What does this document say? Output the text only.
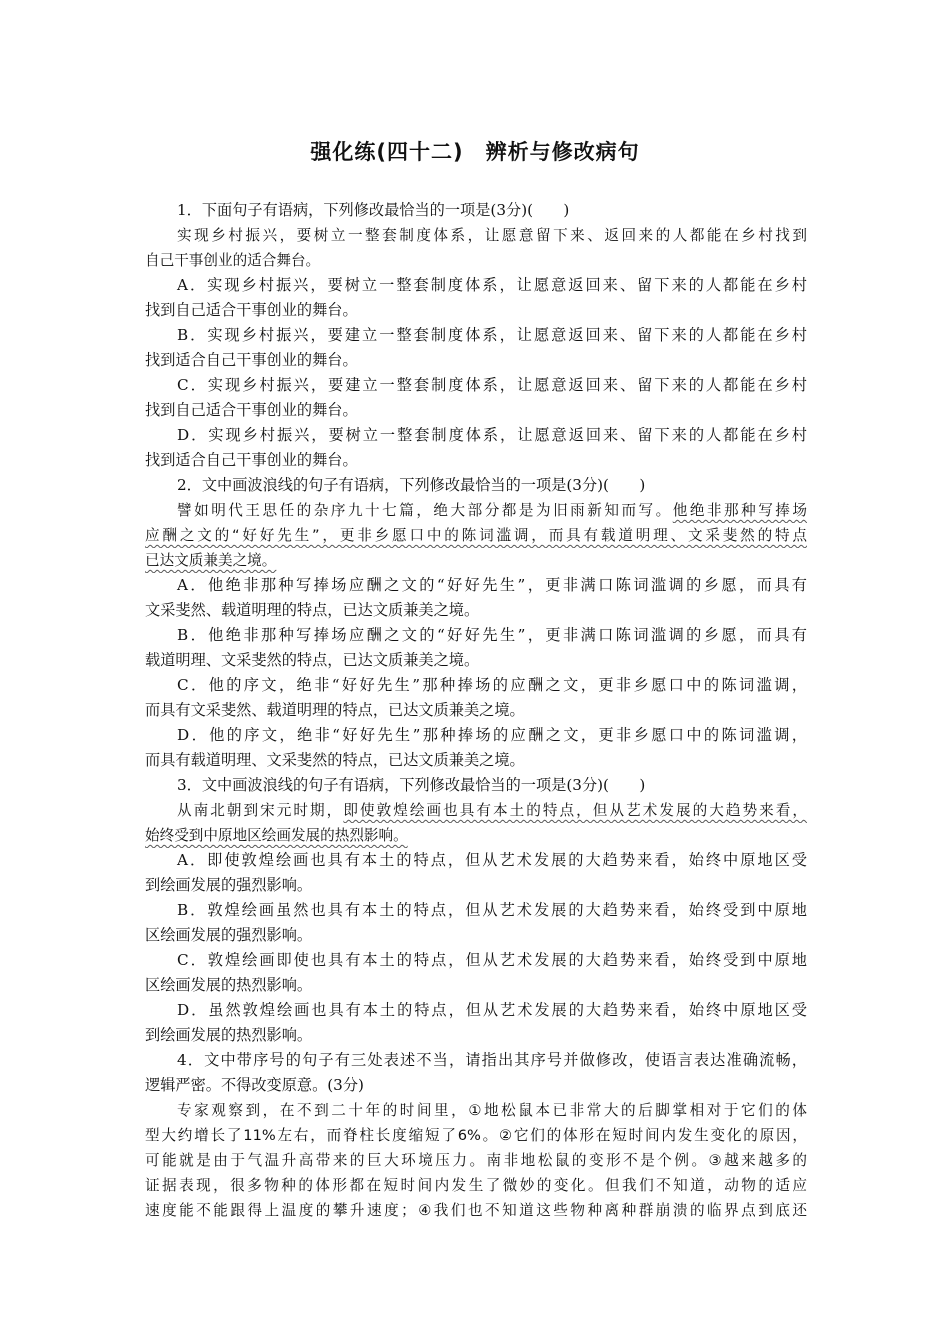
强化练(四十二)　辨析与修改病句
1．下面句子有语病，下列修改最恰当的一项是(3分)(　　)
实现乡村振兴，要树立一整套制度体系，让愿意留下来、返回来的人都能在乡村找到
自己干事创业的适合舞台。
A．实现乡村振兴，要树立一整套制度体系，让愿意返回来、留下来的人都能在乡村
找到自己适合干事创业的舞台。
B．实现乡村振兴，要建立一整套制度体系，让愿意返回来、留下来的人都能在乡村
找到适合自己干事创业的舞台。
C．实现乡村振兴，要建立一整套制度体系，让愿意返回来、留下来的人都能在乡村
找到自己适合干事创业的舞台。
D．实现乡村振兴，要树立一整套制度体系，让愿意返回来、留下来的人都能在乡村
找到适合自己干事创业的舞台。
2．文中画波浪线的句子有语病，下列修改最恰当的一项是(3分)(　　)
譬如明代王思任的杂序九十七篇，绝大部分都是为旧雨新知而写。他绝非那种写捧场
应酬之文的“好好先生”，更非乡愿口中的陈词滥调，而具有载道明理、文采斐然的特点
已达文质兼美之境。
A．他绝非那种写捧场应酬之文的“好好先生”，更非满口陈词滥调的乡愿，而具有
文采斐然、载道明理的特点，已达文质兼美之境。
B．他绝非那种写捧场应酬之文的“好好先生”，更非满口陈词滥调的乡愿，而具有
载道明理、文采斐然的特点，已达文质兼美之境。
C．他的序文，绝非“好好先生”那种捧场的应酬之文，更非乡愿口中的陈词滥调，
而具有文采斐然、载道明理的特点，已达文质兼美之境。
D．他的序文，绝非“好好先生”那种捧场的应酬之文，更非乡愿口中的陈词滥调，
而具有载道明理、文采斐然的特点，已达文质兼美之境。
3．文中画波浪线的句子有语病，下列修改最恰当的一项是(3分)(　　)
从南北朝到宋元时期，即使敦煌绘画也具有本土的特点，但从艺术发展的大趋势来看，
始终受到中原地区绘画发展的热烈影响。
A．即使敦煌绘画也具有本土的特点，但从艺术发展的大趋势来看，始终中原地区受
到绘画发展的强烈影响。
B．敦煌绘画虽然也具有本土的特点，但从艺术发展的大趋势来看，始终受到中原地
区绘画发展的强烈影响。
C．敦煌绘画即使也具有本土的特点，但从艺术发展的大趋势来看，始终受到中原地
区绘画发展的热烈影响。
D．虽然敦煌绘画也具有本土的特点，但从艺术发展的大趋势来看，始终中原地区受
到绘画发展的热烈影响。
4．文中带序号的句子有三处表述不当，请指出其序号并做修改，使语言表达准确流畅，
逻辑严密。不得改变原意。(3分)
专家观察到，在不到二十年的时间里，①地松鼠本已非常大的后脚掌相对于它们的体
型大约增长了11%左右，而脊柱长度缩短了6%。②它们的体形在短时间内发生变化的原因，
可能就是由于气温升高带来的巨大环境压力。南非地松鼠的变形不是个例。③越来越多的
证据表现，很多物种的体形都在短时间内发生了微妙的变化。但我们不知道，动物的适应
速度能不能跟得上温度的攀升速度；④我们也不知道这些物种离种群崩溃的临界点到底还
